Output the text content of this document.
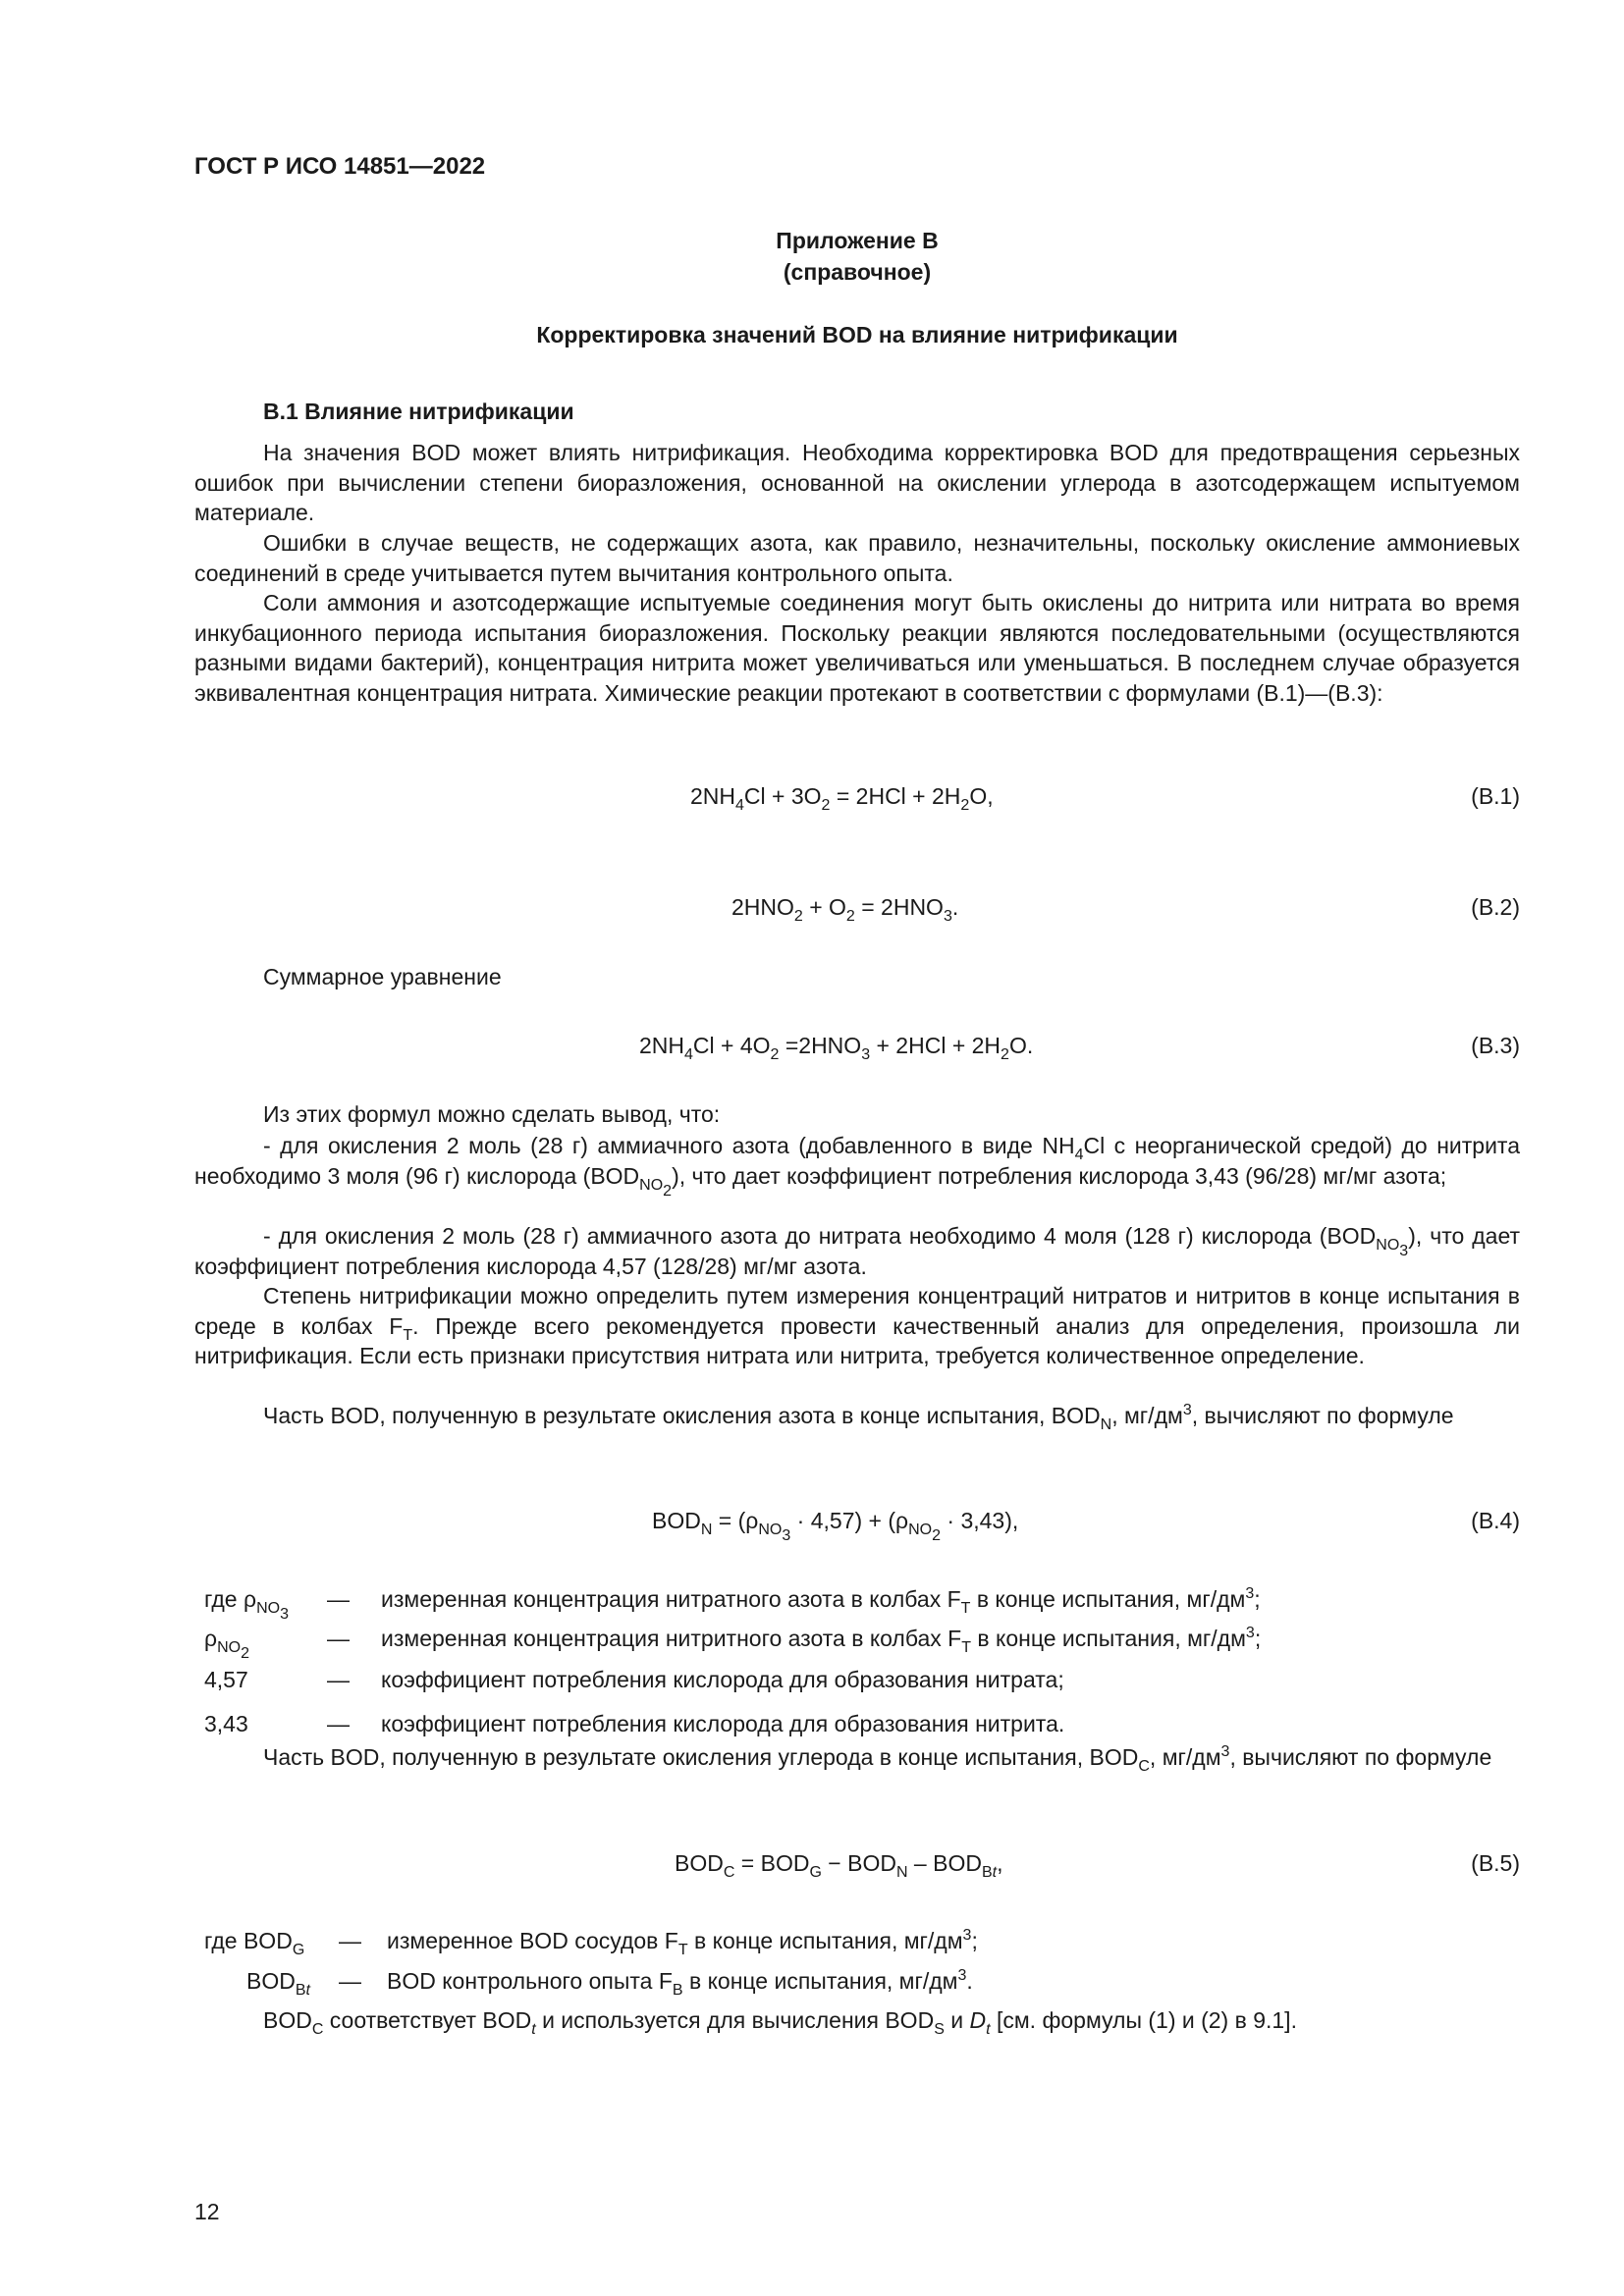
ГОСТ Р ИСО 14851—2022
Приложение В
(справочное)
Корректировка значений BOD на влияние нитрификации
В.1 Влияние нитрификации
На значения BOD может влиять нитрификация. Необходима корректировка BOD для предотвращения серьезных ошибок при вычислении степени биоразложения, основанной на окислении углерода в азотсодержащем испытуемом материале.
Ошибки в случае веществ, не содержащих азота, как правило, незначительны, поскольку окисление аммониевых соединений в среде учитывается путем вычитания контрольного опыта.
Соли аммония и азотсодержащие испытуемые соединения могут быть окислены до нитрита или нитрата во время инкубационного периода испытания биоразложения. Поскольку реакции являются последовательными (осуществляются разными видами бактерий), концентрация нитрита может увеличиваться или уменьшаться. В последнем случае образуется эквивалентная концентрация нитрата. Химические реакции протекают в соответствии с формулами (В.1)—(В.3):
$2NH_4Cl + 3O_2 = 2HCl + 2H_2O$,	(В.1)
$2HNO_2 + O_2 = 2HNO_3$.	(В.2)
Суммарное уравнение
$2NH_4Cl + 4O_2 =2HNO_3 + 2HCl + 2H_2O$.	(В.3)
Из этих формул можно сделать вывод, что:
- для окисления 2 моль (28 г) аммиачного азота (добавленного в виде $NH_4Cl$ с неорганической средой) до нитрита необходимо 3 моля (96 г) кислорода $(BOD_{NO_2})$, что дает коэффициент потребления кислорода 3,43 (96/28) мг/мг азота;
- для окисления 2 моль (28 г) аммиачного азота до нитрата необходимо 4 моля (128 г) кислорода $(BOD_{NO_3})$, что дает коэффициент потребления кислорода 4,57 (128/28) мг/мг азота.
Степень нитрификации можно определить путем измерения концентраций нитратов и нитритов в конце испытания в среде в колбах $F_T$. Прежде всего рекомендуется провести качественный анализ для определения, произошла ли нитрификация. Если есть признаки присутствия нитрата или нитрита, требуется количественное определение.
Часть BOD, полученную в результате окисления азота в конце испытания, $BOD_N$, $мг/дм^3$, вычисляют по формуле
$BOD_N = (\rho_{NO_3} \cdot 4,57) + (\rho_{NO_2} \cdot 3,43)$,	(В.4)
где $\rho_{NO_3}$
— измеренная концентрация нитратного азота в колбах $F_T$ в конце испытания, $мг/дм^3$;
$\rho_{NO_2}$
— измеренная концентрация нитритного азота в колбах $F_T$ в конце испытания, $мг/дм^3$;
4,57	— коэффициент потребления кислорода для образования нитрата;
3,43	— коэффициент потребления кислорода для образования нитрита.
Часть BOD, полученную в результате окисления углерода в конце испытания, $BOD_C$, $мг/дм^3$, вычисляют по формуле
$BOD_C = BOD_G - BOD_N - BOD_{Bt}$,	(В.5)
где $BOD_G$ — измеренное BOD сосудов $F_T$ в конце испытания, $мг/дм^3$;
$BOD_{Bt}$ — BOD контрольного опыта $F_B$ в конце испытания, $мг/дм^3$.
$BOD_C$ соответствует $BOD_t$ и используется для вычисления $BOD_S$ и $D_t$ [см. формулы (1) и (2) в 9.1].
12
